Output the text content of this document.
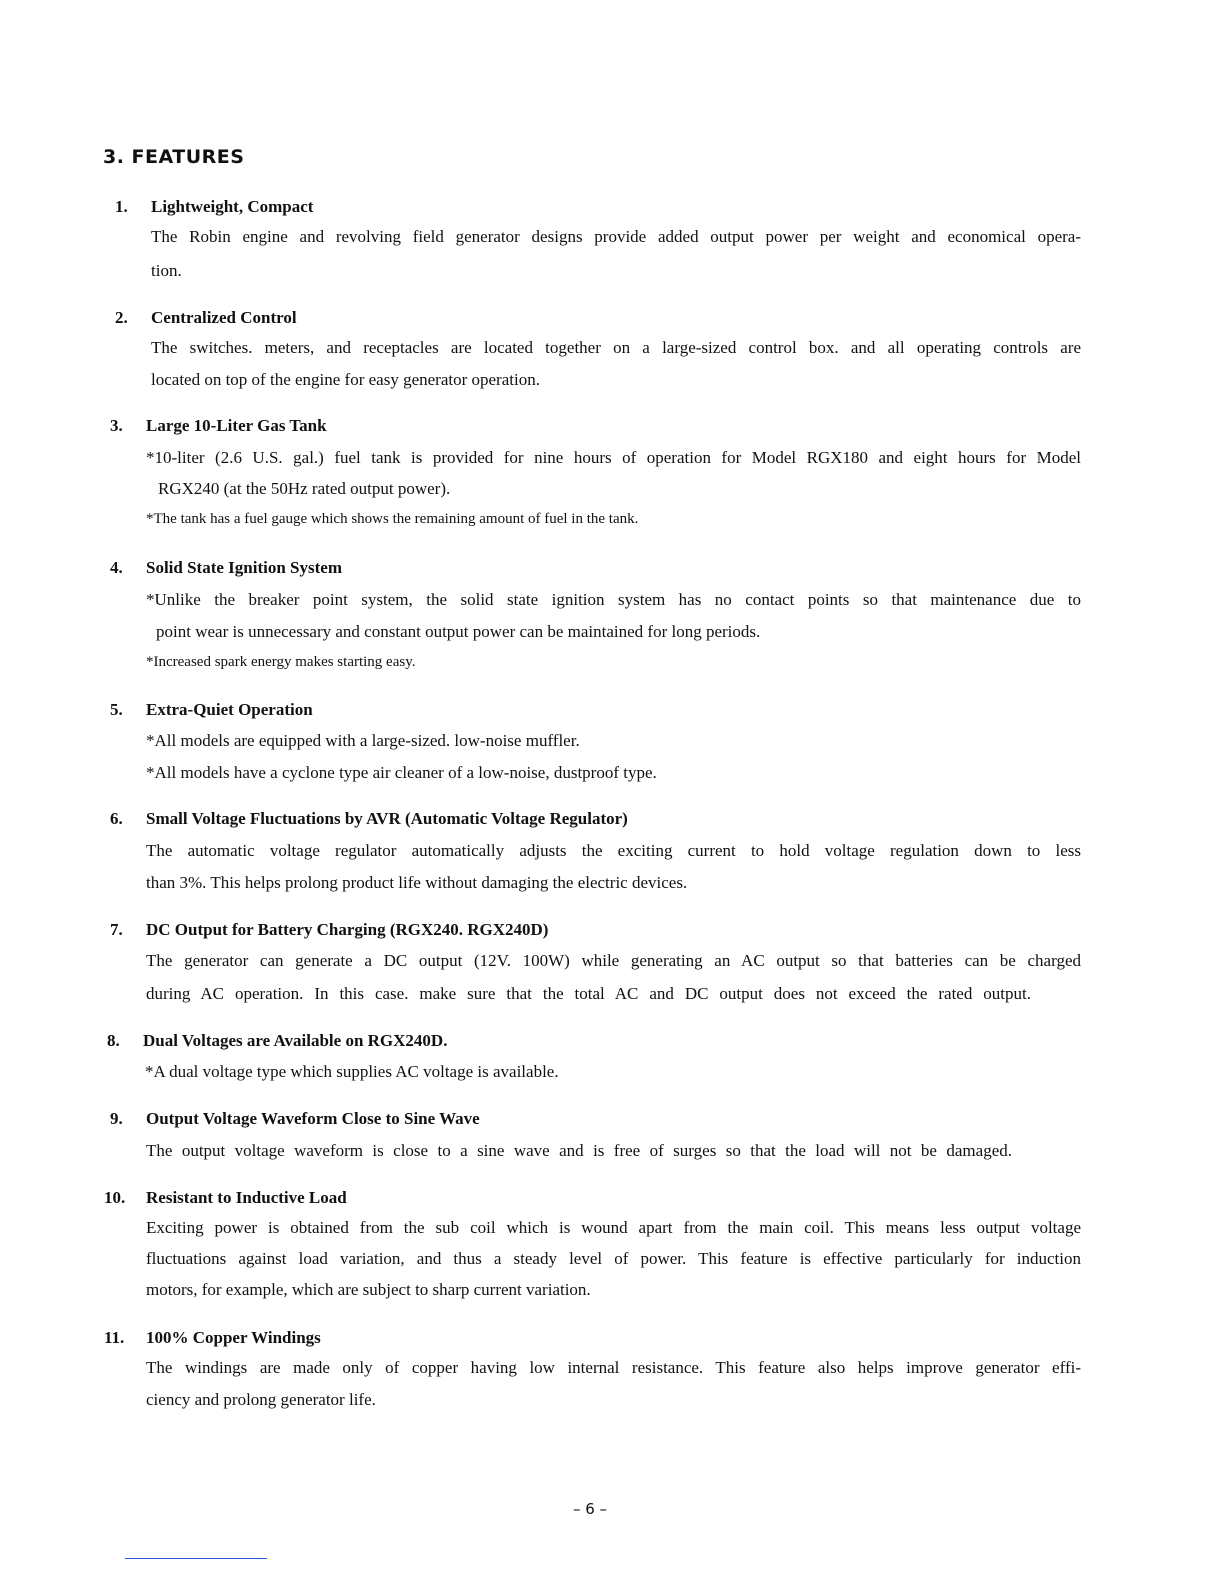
3. FEATURES
1. Lightweight, Compact
The Robin engine and revolving field generator designs provide added output power per weight and economical opera-
tion.
2. Centralized Control
The switches. meters, and receptacles are located together on a large-sized control box. and all operating controls are
located on top of the engine for easy generator operation.
3. Large 10-Liter Gas Tank
*10-liter (2.6 U.S. gal.) fuel tank is provided for nine hours of operation for Model RGX180 and eight hours for Model
RGX240 (at the 50Hz rated output power).
*The tank has a fuel gauge which shows the remaining amount of fuel in the tank.
4. Solid State Ignition System
*Unlike the breaker point system, the solid state ignition system has no contact points so that maintenance due to
point wear is unnecessary and constant output power can be maintained for long periods.
*Increased spark energy makes starting easy.
5. Extra-Quiet Operation
*All models are equipped with a large-sized. low-noise muffler.
*All models have a cyclone type air cleaner of a low-noise, dustproof type.
6. Small Voltage Fluctuations by AVR (Automatic Voltage Regulator)
The automatic voltage regulator automatically adjusts the exciting current to hold voltage regulation down to less
than 3%. This helps prolong product life without damaging the electric devices.
7. DC Output for Battery Charging (RGX240. RGX240D)
The generator can generate a DC output (12V. 100W) while generating an AC output so that batteries can be charged
during AC operation. In this case. make sure that the total AC and DC output does not exceed the rated output.
8. Dual Voltages are Available on RGX240D.
*A dual voltage type which supplies AC voltage is available.
9. Output Voltage Waveform Close to Sine Wave
The output voltage waveform is close to a sine wave and is free of surges so that the load will not be damaged.
10. Resistant to Inductive Load
Exciting power is obtained from the sub coil which is wound apart from the main coil. This means less output voltage
fluctuations against load variation, and thus a steady level of power. This feature is effective particularly for induction
motors, for example, which are subject to sharp current variation.
11. 100% Copper Windings
The windings are made only of copper having low internal resistance. This feature also helps improve generator effi-
ciency and prolong generator life.
– 6 –
